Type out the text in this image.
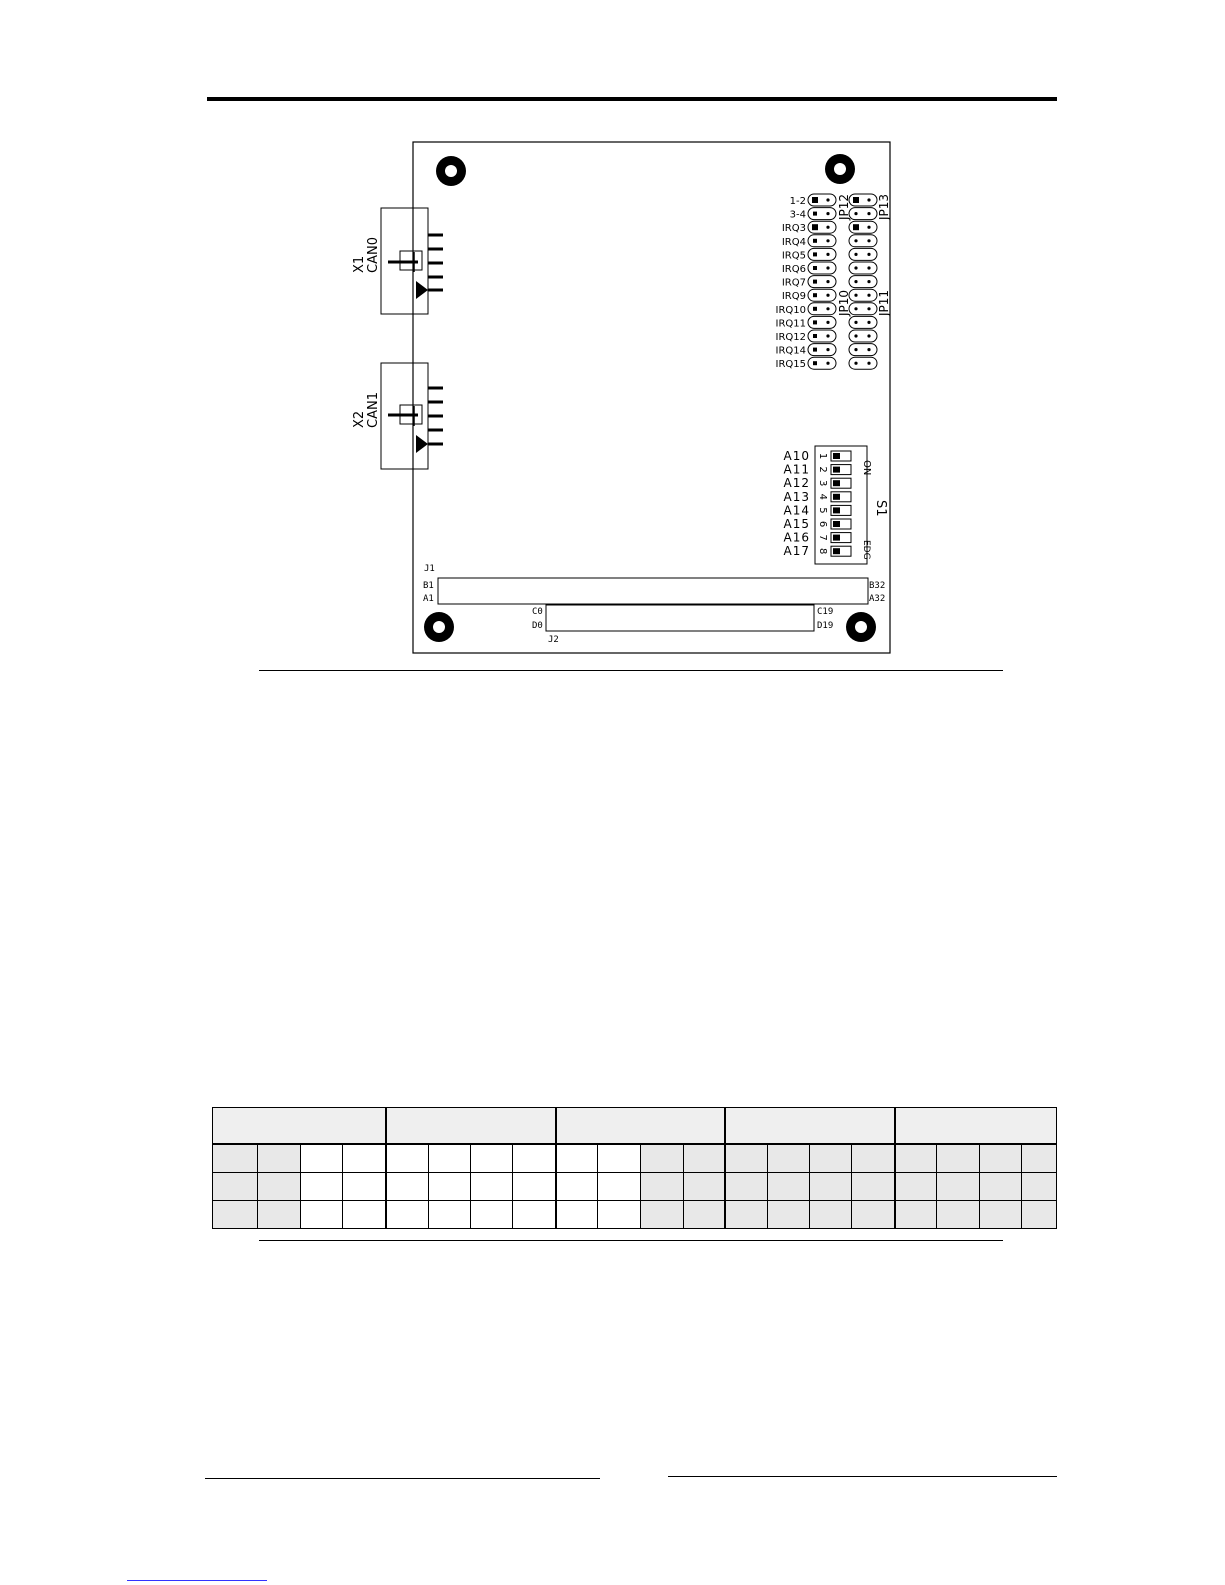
X1 CAN0
X2 CAN1
1-2
3-4
IRQ3
IRQ4
IRQ5
IRQ6
IRQ7
IRQ9
IRQ10
IRQ11
IRQ12
IRQ14
IRQ15
JP12 JP13
JP10 JP11
A10 1
A11 2
A12 3
A13 4
A14 5
A15 6
A16 7
A17 8
ON
EDG
S1
J1
B1
A1
B32
A32
C0
D0
C19
D19
J2
